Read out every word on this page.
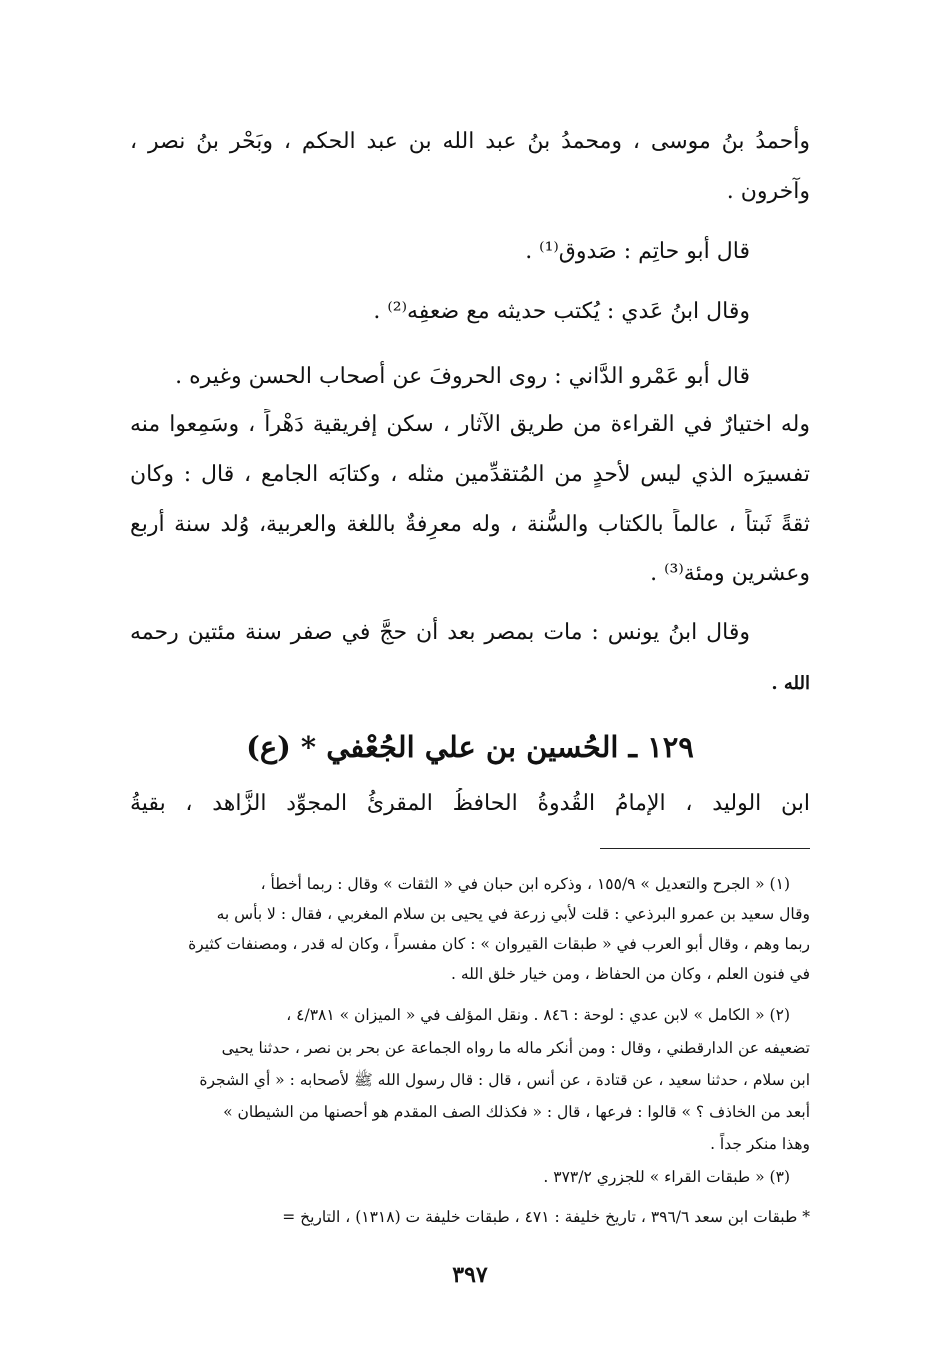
وأحمدُ بنُ موسى ، ومحمدُ بنُ عبد الله بن عبد الحكم ، وبَحْر بنُ نصر ،
وآخرون .
قال أبو حاتِم : صَدوق⁽¹⁾ .
وقال ابنُ عَدي : يُكتب حديثه مع ضعفِه⁽²⁾ .
قال أبو عَمْرو الدَّاني : روى الحروفَ عن أصحاب الحسن وغيره .
وله اختيارٌ في القراءة من طريق الآثار ، سكن إفريقية دَهْراً ، وسَمِعوا منه
تفسيرَه الذي ليس لأحدٍ من المُتقدِّمين مثله ، وكتابَه الجامع ، قال : وكان
ثقةً ثَبتاً ، عالماً بالكتاب والسُّنة ، وله معرِفةٌ باللغة والعربية، وُلد سنة أربع
وعشرين ومئة⁽³⁾ .
وقال ابنُ يونس : مات بمصر بعد أن حجَّ في صفر سنة مئتين رحمه
الله .
١٢٩ ـ الحُسين بن علي الجُعْفي * (ع)
ابن الوليد ، الإمامُ القُدوةُ الحافظُ المقرئُ المجوِّد الزَّاهد ، بقيةُ
(١) « الجرح والتعديل » ١٥٥/٩ ، وذكره ابن حبان في « الثقات » وقال : ربما أخطأ ،
وقال سعيد بن عمرو البرذعي : قلت لأبي زرعة في يحيى بن سلام المغربي ، فقال : لا بأس به
ربما وهم ، وقال أبو العرب في « طبقات القيروان » : كان مفسراً ، وكان له قدر ، ومصنفات كثيرة
في فنون العلم ، وكان من الحفاظ ، ومن خيار خلق الله .
(٢) « الكامل » لابن عدي : لوحة : ٨٤٦ . ونقل المؤلف في « الميزان » ٤/٣٨١ ،
تضعيفه عن الدارقطني ، وقال : ومن أنكر ماله ما رواه الجماعة عن بحر بن نصر ، حدثنا يحيى
ابن سلام ، حدثنا سعيد ، عن قتادة ، عن أنس ، قال : قال رسول الله ﷺ لأصحابه : « أي الشجرة
أبعد من الخاذف ؟ » قالوا : فرعها ، قال : « فكذلك الصف المقدم هو أحصنها من الشيطان »
وهذا منكر جداً .
(٣) « طبقات القراء » للجزري ٣٧٣/٢ .
* طبقات ابن سعد ٣٩٦/٦ ، تاريخ خليفة : ٤٧١ ، طبقات خليفة ت (١٣١٨) ، التاريخ =
٣٩٧
